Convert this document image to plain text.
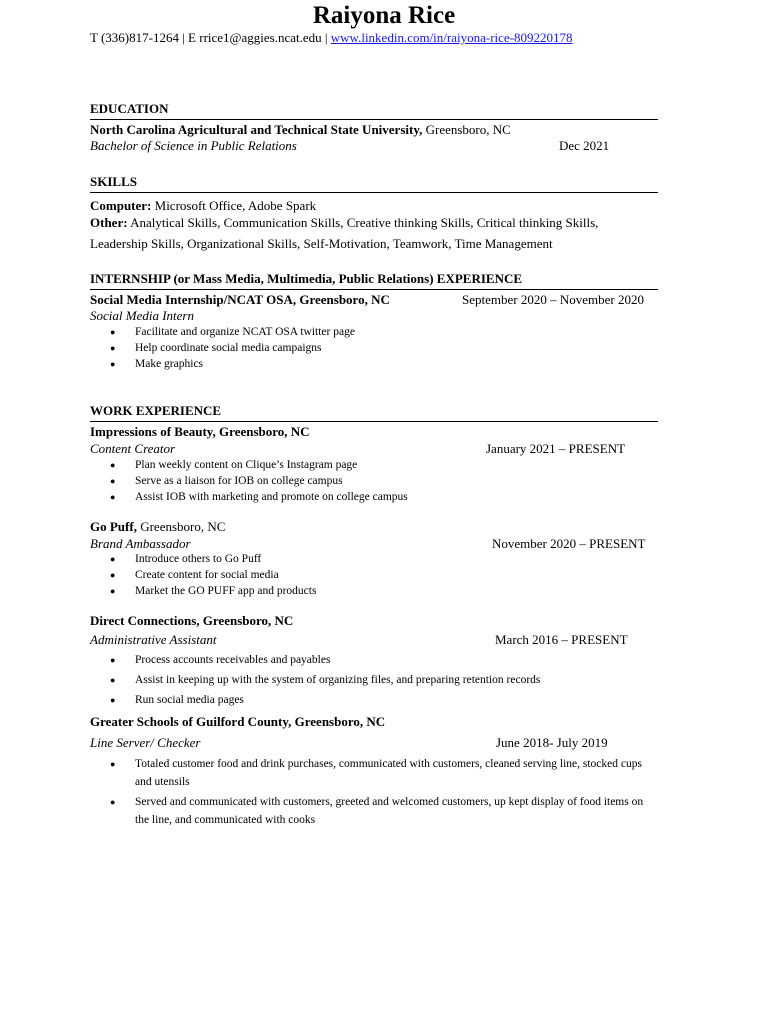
Raiyona Rice
T (336)817-1264 | E rrice1@aggies.ncat.edu | www.linkedin.com/in/raiyona-rice-809220178
EDUCATION
North Carolina Agricultural and Technical State University, Greensboro, NC
Bachelor of Science in Public Relations	Dec 2021
SKILLS
Computer: Microsoft Office, Adobe Spark
Other: Analytical Skills, Communication Skills, Creative thinking Skills, Critical thinking Skills,
Leadership Skills, Organizational Skills, Self-Motivation, Teamwork, Time Management
INTERNSHIP (or Mass Media, Multimedia, Public Relations) EXPERIENCE
Social Media Internship/NCAT OSA, Greensboro, NC	September 2020 – November 2020
Social Media Intern
● Facilitate and organize NCAT OSA twitter page
● Help coordinate social media campaigns
● Make graphics
WORK EXPERIENCE
Impressions of Beauty, Greensboro, NC
Content Creator	January 2021 – PRESENT
● Plan weekly content on Clique’s Instagram page
● Serve as a liaison for IOB on college campus
● Assist IOB with marketing and promote on college campus
Go Puff, Greensboro, NC
Brand Ambassador	November 2020 – PRESENT
● Introduce others to Go Puff
● Create content for social media
● Market the GO PUFF app and products
Direct Connections, Greensboro, NC
Administrative Assistant	March 2016 – PRESENT
● Process accounts receivables and payables
● Assist in keeping up with the system of organizing files, and preparing retention records
● Run social media pages
Greater Schools of Guilford County, Greensboro, NC
Line Server/ Checker	June 2018- July 2019
● Totaled customer food and drink purchases, communicated with customers, cleaned serving line, stocked cups and utensils
● Served and communicated with customers, greeted and welcomed customers, up kept display of food items on the line, and communicated with cooks
